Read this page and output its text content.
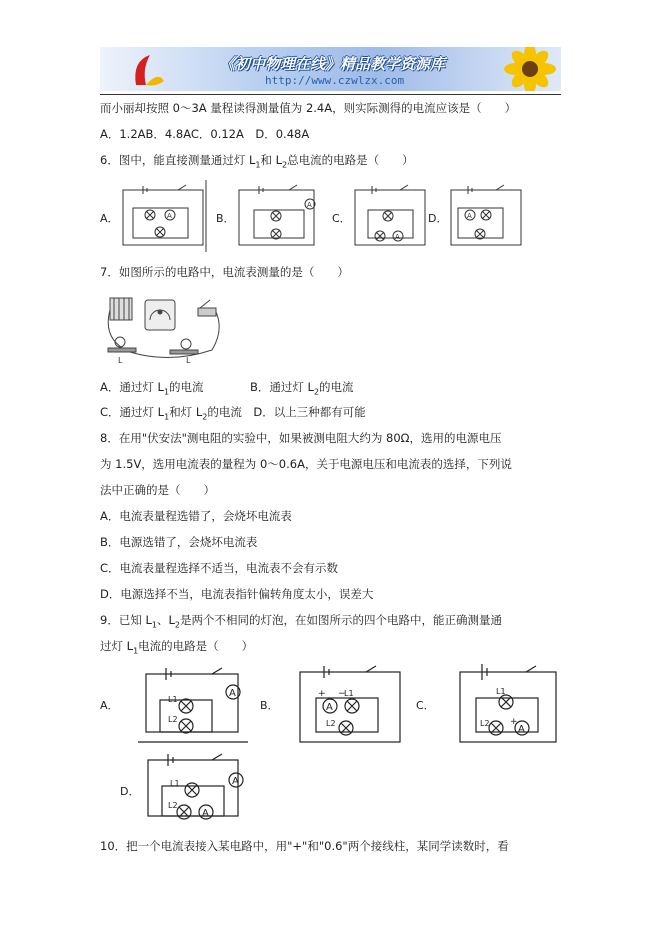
《初中物理在线》精品教学资源库
http://www.czwlzx.com
而小丽却按照 0～3A 量程读得测量值为 2.4A，则实际测得的电流应该是（　　）
A．1.2AB．4.8AC．0.12A　D．0.48A
6．图中，能直接测量通过灯 $L_1$和 $L_2$总电流的电路是（　　）
A．	B．	C．	D．
A
A
A
A
7．如图所示的电路中，电流表测量的是（　　）
L	L
A．通过灯 $L_1$的电流	B．通过灯 $L_2$的电流
C．通过灯 $L_1$和灯 $L_2$的电流　 D．以上三种都有可能
8．在用"伏安法"测电阻的实验中，如果被测电阻大约为 80Ω，选用的电源电压
为 1.5V，选用电流表的量程为 0～0.6A，关于电源电压和电流表的选择，下列说
法中正确的是（　　）
A．电流表量程选错了，会烧坏电流表
B．电源选错了，会烧坏电流表
C．电流表量程选择不适当，电流表不会有示数
D．电源选择不当，电流表指针偏转角度太小，误差大
9．已知 $L_1$、$L_2$是两个不相同的灯泡，在如图所示的四个电路中，能正确测量通
过灯 $L_1$电流的电路是（　　）
A．	B．	C．
D．
A
L1
L2
A
+ −
L1
L2
A
L1
L2 +
A
A
L1
L2
10．把一个电流表接入某电路中，用"+"和"0.6"两个接线柱，某同学读数时，看
